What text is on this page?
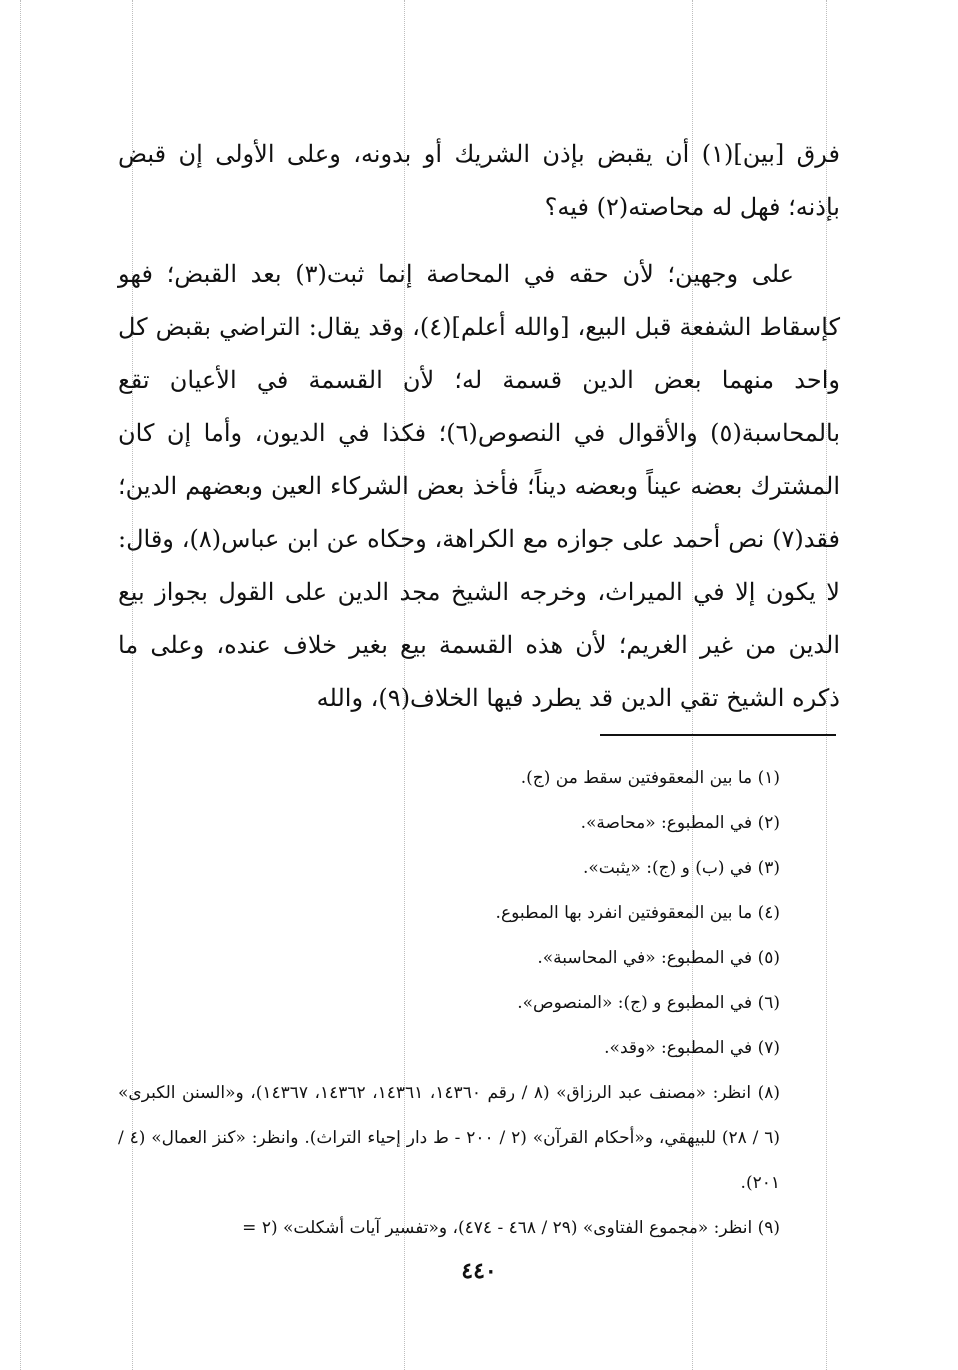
فرق [بين](١) أن يقبض بإذن الشريك أو بدونه، وعلى الأولى إن قبض بإذنه؛ فهل له محاصته(٢) فيه؟

على وجهين؛ لأن حقه في المحاصة إنما ثبت(٣) بعد القبض؛ فهو كإسقاط الشفعة قبل البيع، [والله أعلم](٤)، وقد يقال: التراضي بقبض كل واحد منهما بعض الدين قسمة له؛ لأن القسمة في الأعيان تقع بالمحاسبة(٥) والأقوال في النصوص(٦)؛ فكذا في الديون، وأما إن كان المشترك بعضه عيناً وبعضه ديناً؛ فأخذ بعض الشركاء العين وبعضهم الدين؛ فقد(٧) نص أحمد على جوازه مع الكراهة، وحكاه عن ابن عباس(٨)، وقال: لا يكون إلا في الميراث، وخرجه الشيخ مجد الدين على القول بجواز بيع الدين من غير الغريم؛ لأن هذه القسمة بيع بغير خلاف عنده، وعلى ما ذكره الشيخ تقي الدين قد يطرد فيها الخلاف(٩)، والله

(١) ما بين المعقوفتين سقط من (ج).

(٢) في المطبوع: «محاصة».

(٣) في (ب) و (ج): «يثبت».

(٤) ما بين المعقوفتين انفرد بها المطبوع.

(٥) في المطبوع: «في المحاسبة».

(٦) في المطبوع و (ج): «المنصوص».

(٧) في المطبوع: «وقد».

(٨) انظر: «مصنف عبد الرزاق» (٨ / رقم ١٤٣٦٠، ١٤٣٦١، ١٤٣٦٢، ١٤٣٦٧)، و«السنن الكبرى» (٦ / ٢٨) للبيهقي، و«أحكام القرآن» (٢ / ٢٠٠ - ط دار إحياء التراث). وانظر: «كنز العمال» (٤ / ٢٠١).

(٩) انظر: «مجموع الفتاوى» (٢٩ / ٤٦٨ - ٤٧٤)، و«تفسير آيات أشكلت» (٢ =

٤٤٠
